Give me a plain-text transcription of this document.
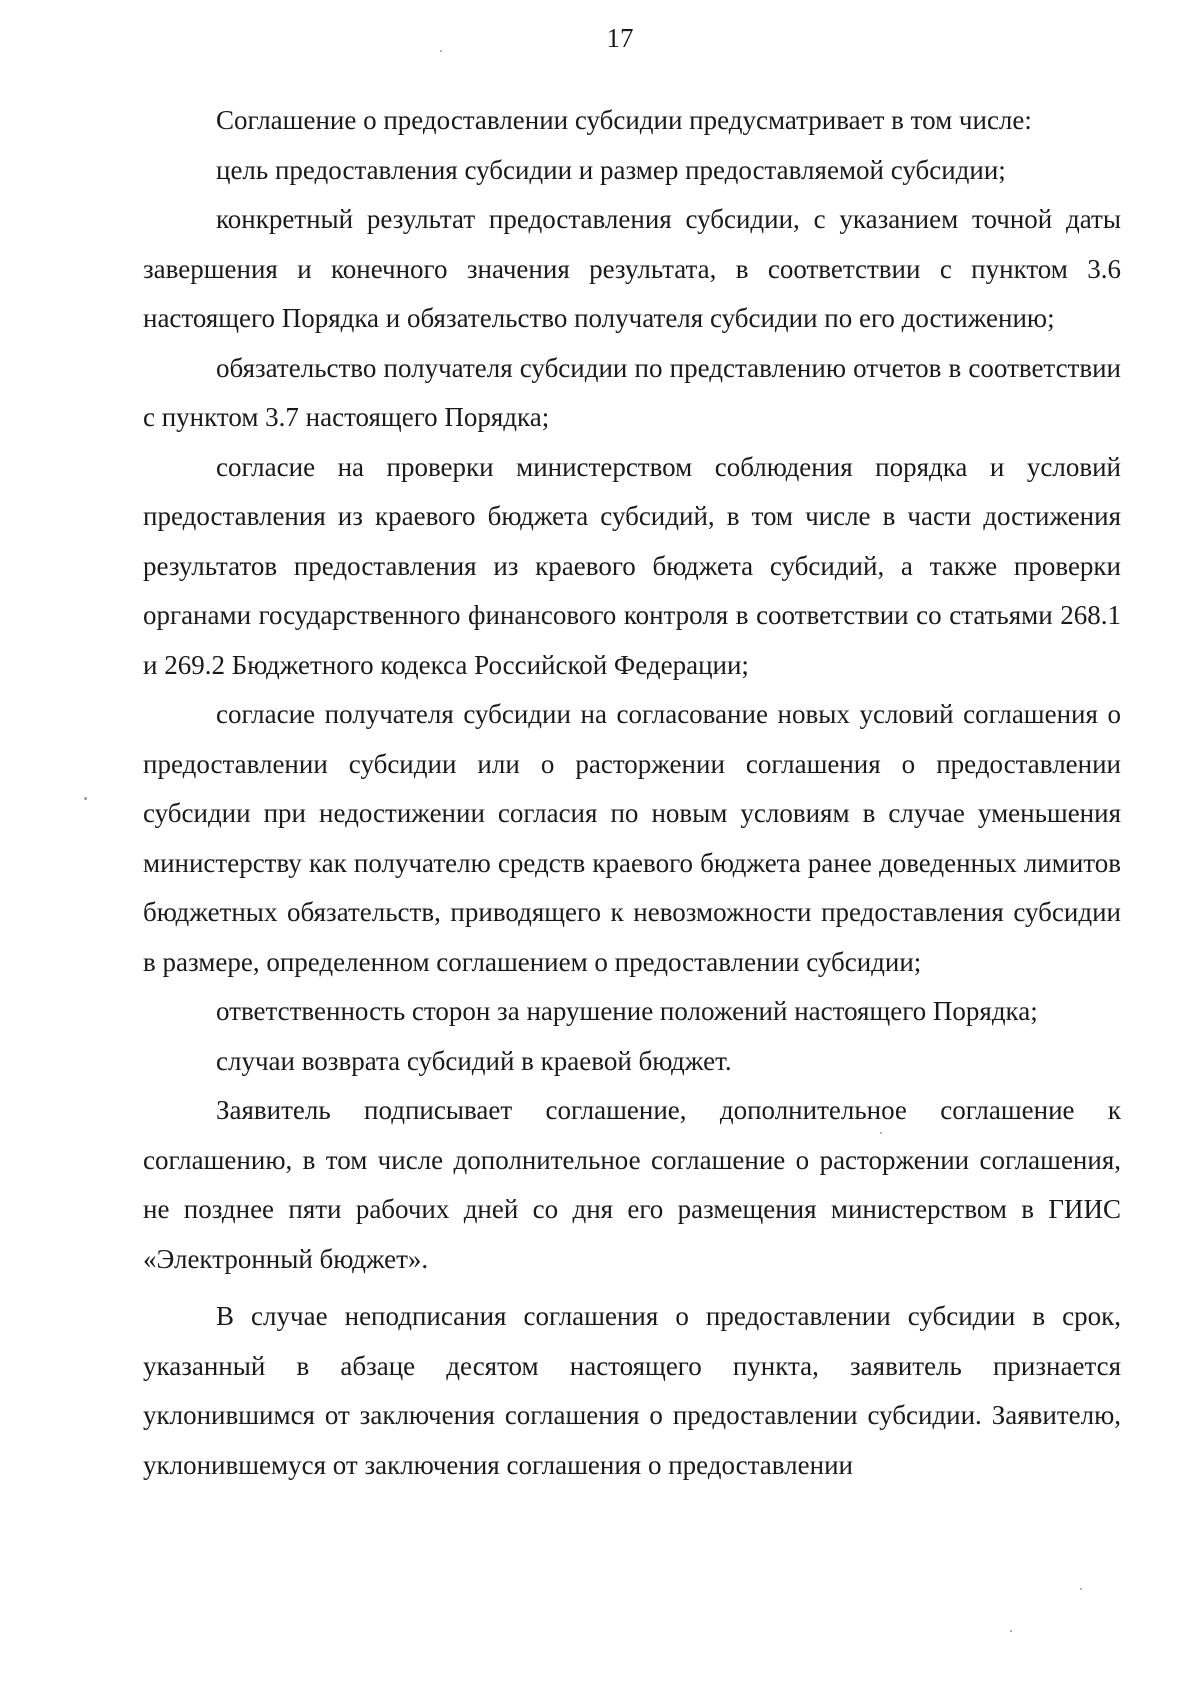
17

Соглашение о предоставлении субсидии предусматривает в том числе:

цель предоставления субсидии и размер предоставляемой субсидии;

конкретный результат предоставления субсидии, с указанием точной даты завершения и конечного значения результата, в соответствии с пунктом 3.6 настоящего Порядка и обязательство получателя субсидии по его достижению;

обязательство получателя субсидии по представлению отчетов в соответствии с пунктом 3.7 настоящего Порядка;

согласие на проверки министерством соблюдения порядка и условий предоставления из краевого бюджета субсидий, в том числе в части достижения результатов предоставления из краевого бюджета субсидий, а также проверки органами государственного финансового контроля в соответствии со статьями 268.1 и 269.2 Бюджетного кодекса Российской Федерации;

согласие получателя субсидии на согласование новых условий соглашения о предоставлении субсидии или о расторжении соглашения о предоставлении субсидии при недостижении согласия по новым условиям в случае уменьшения министерству как получателю средств краевого бюджета ранее доведенных лимитов бюджетных обязательств, приводящего к невозможности предоставления субсидии в размере, определенном соглашением о предоставлении субсидии;

ответственность сторон за нарушение положений настоящего Порядка;

случаи возврата субсидий в краевой бюджет.

Заявитель подписывает соглашение, дополнительное соглашение к соглашению, в том числе дополнительное соглашение о расторжении соглашения, не позднее пяти рабочих дней со дня его размещения министерством в ГИИС «Электронный бюджет».

В случае неподписания соглашения о предоставлении субсидии в срок, указанный в абзаце десятом настоящего пункта, заявитель признается уклонившимся от заключения соглашения о предоставлении субсидии. Заявителю, уклонившемуся от заключения соглашения о предоставлении
